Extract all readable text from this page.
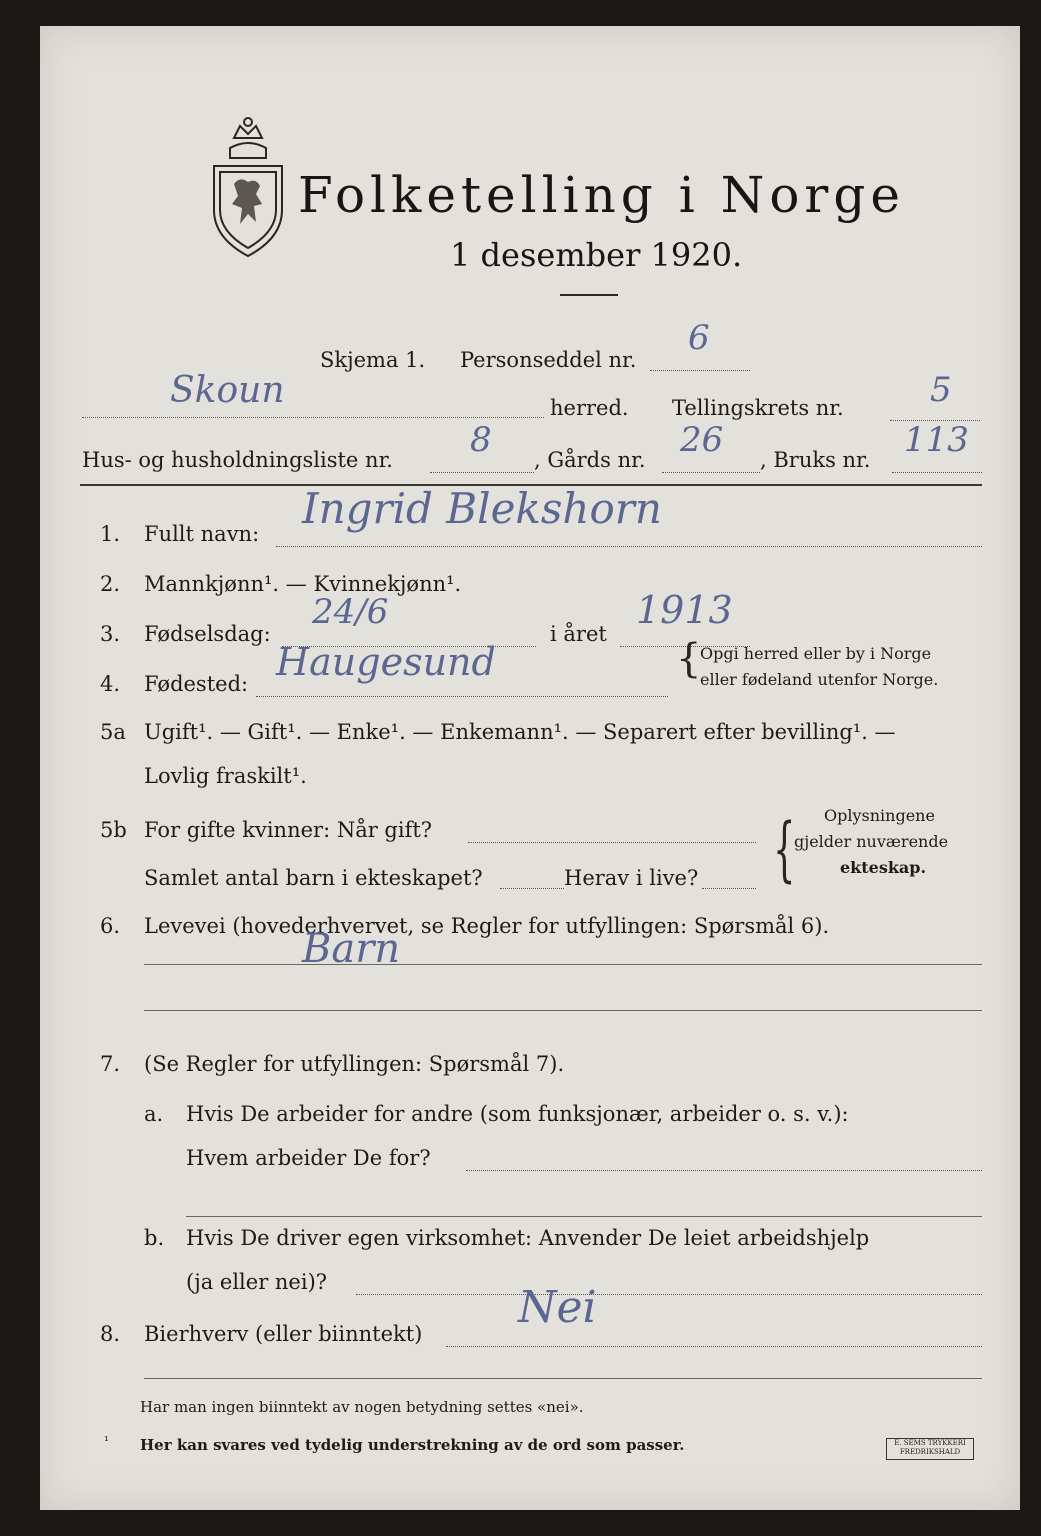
Folketelling i Norge
1 desember 1920.
Skjema 1. Personseddel nr.
6
Skoun	herred. Tellingskrets nr.	5
Hus- og husholdningsliste nr. 8 , Gårds nr. 26 , Bruks nr. 113
1. Fullt navn:
Ingrid Blekshorn
2. Mannkjønn¹. — Kvinnekjønn¹.
3. Fødselsdag:
24/6
i året
1913
4. Fødested: Haugesund	{
Opgi herred eller by i Norge
eller fødeland utenfor Norge.
5a Ugift¹. — Gift¹. — Enke¹. — Enkemann¹. — Separert efter bevilling¹. —
Lovlig fraskilt¹.
5b For gifte kvinner: Når gift?
Samlet antal barn i ekteskapet?	Herav i live? { Oplysningene
gjelder nuværende
ekteskap.
6. Levevei (hovederhvervet, se Regler for utfyllingen: Spørsmål 6).
Barn
7. (Se Regler for utfyllingen: Spørsmål 7).
a. Hvis De arbeider for andre (som funksjonær, arbeider o. s. v.):
Hvem arbeider De for?
b. Hvis De driver egen virksomhet: Anvender De leiet arbeidshjelp
(ja eller nei)?
8. Bierhverv (eller biinntekt)
Nei
Har man ingen biinntekt av nogen betydning settes «nei».
¹ Her kan svares ved tydelig understrekning av de ord som passer.	E. SEMS TRYKKERI
FREDRIKSHALD
